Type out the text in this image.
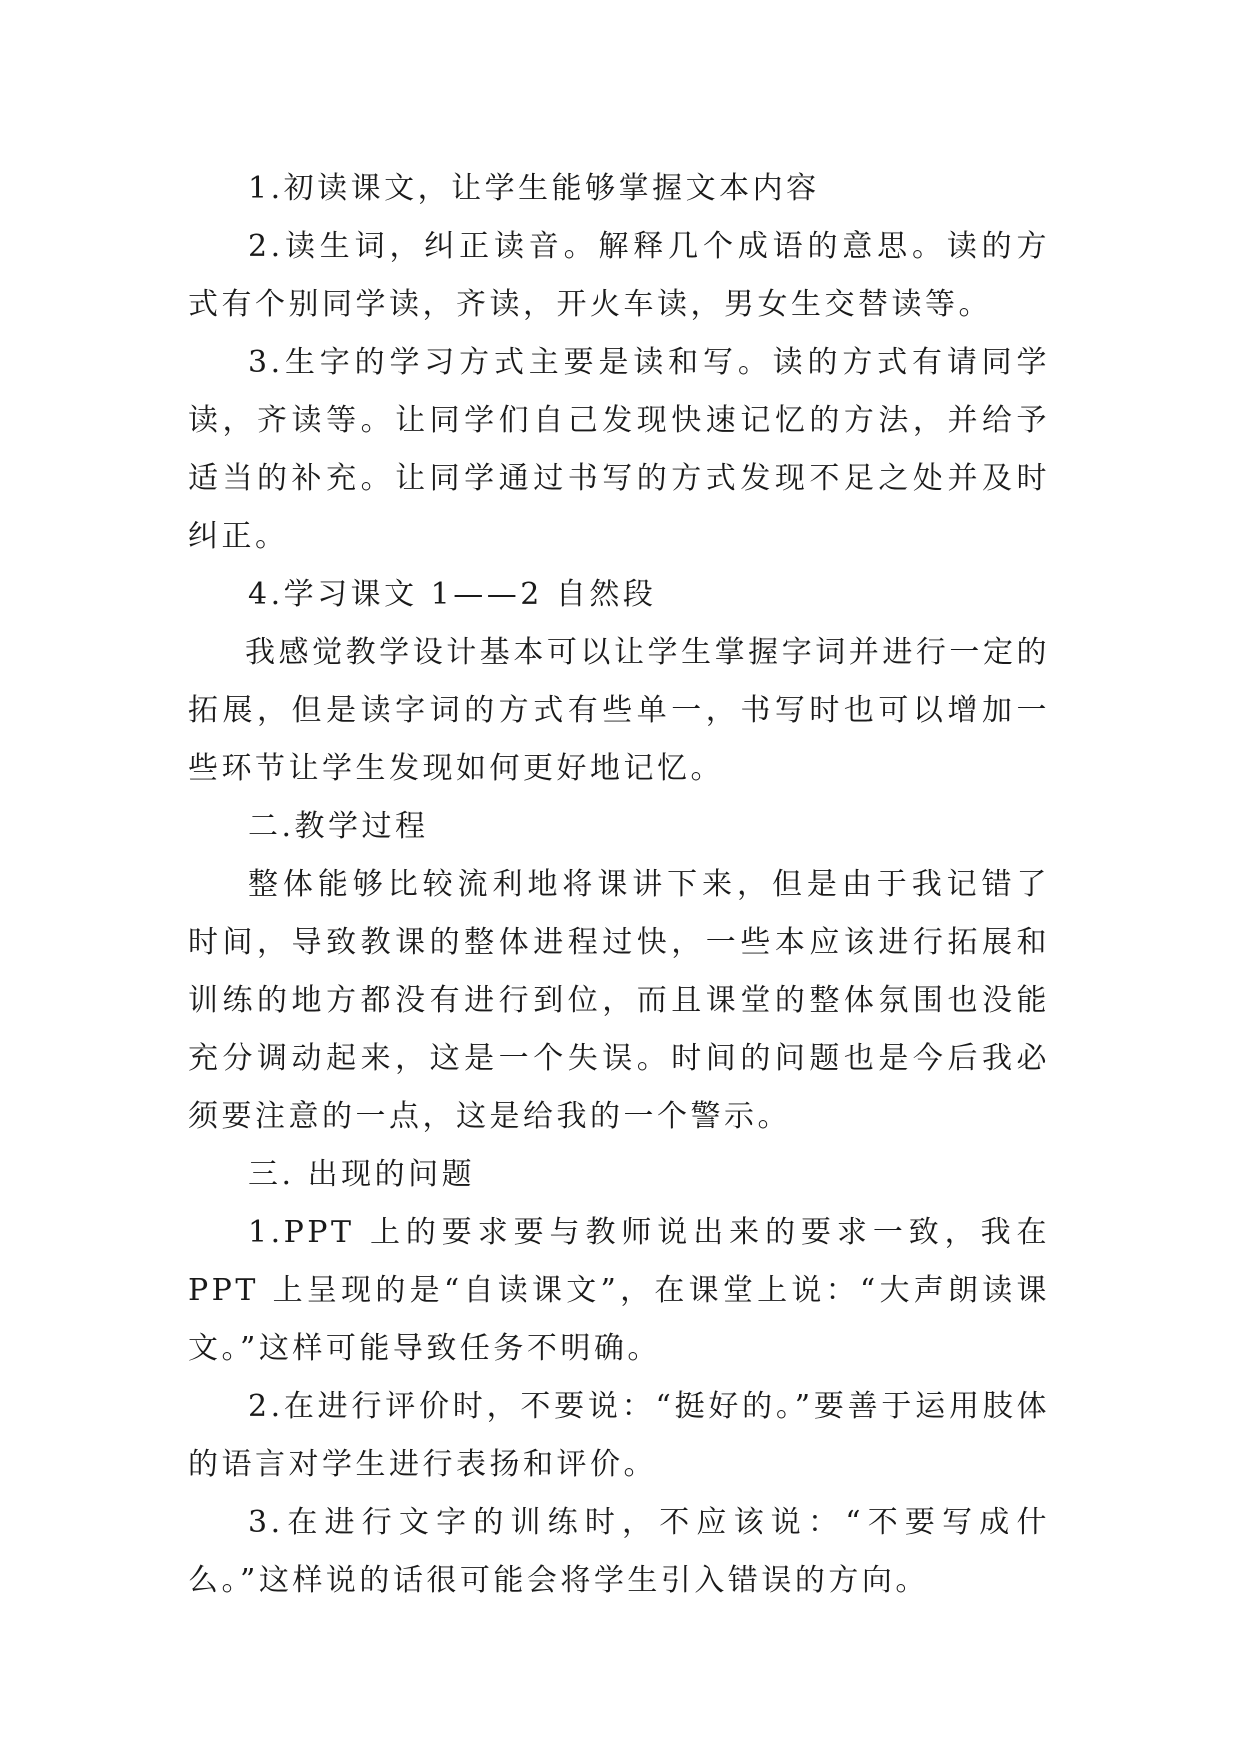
1.初读课文，让学生能够掌握文本内容

2.读生词，纠正读音。解释几个成语的意思。读的方式有个别同学读，齐读，开火车读，男女生交替读等。

3.生字的学习方式主要是读和写。读的方式有请同学读，齐读等。让同学们自己发现快速记忆的方法，并给予适当的补充。让同学通过书写的方式发现不足之处并及时纠正。

4.学习课文 1——2 自然段

我感觉教学设计基本可以让学生掌握字词并进行一定的拓展，但是读字词的方式有些单一，书写时也可以增加一些环节让学生发现如何更好地记忆。

二.教学过程

整体能够比较流利地将课讲下来，但是由于我记错了时间，导致教课的整体进程过快，一些本应该进行拓展和训练的地方都没有进行到位，而且课堂的整体氛围也没能充分调动起来，这是一个失误。时间的问题也是今后我必须要注意的一点，这是给我的一个警示。

三. 出现的问题

1.PPT 上的要求要与教师说出来的要求一致，我在 PPT 上呈现的是“自读课文”，在课堂上说：“大声朗读课文。”这样可能导致任务不明确。

2.在进行评价时，不要说：“挺好的。”要善于运用肢体的语言对学生进行表扬和评价。

3.在进行文字的训练时，不应该说：“不要写成什么。”这样说的话很可能会将学生引入错误的方向。
